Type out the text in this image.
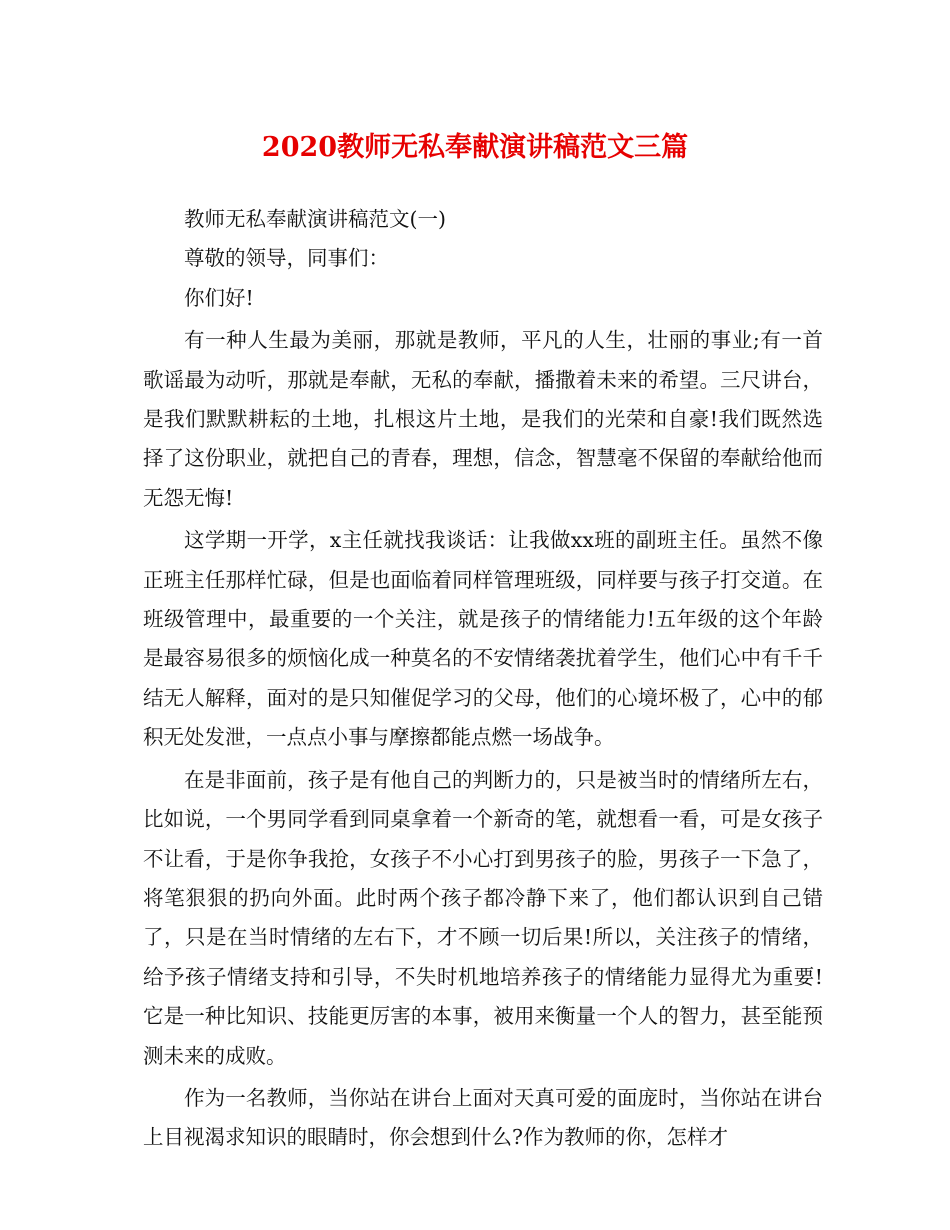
2020教师无私奉献演讲稿范文三篇

教师无私奉献演讲稿范文(一)

尊敬的领导，同事们：

你们好!

有一种人生最为美丽，那就是教师，平凡的人生，壮丽的事业;有一首歌谣最为动听，那就是奉献，无私的奉献，播撒着未来的希望。三尺讲台，是我们默默耕耘的土地，扎根这片土地，是我们的光荣和自豪!我们既然选择了这份职业，就把自己的青春，理想，信念，智慧毫不保留的奉献给他而无怨无悔!

这学期一开学，x主任就找我谈话：让我做xx班的副班主任。虽然不像正班主任那样忙碌，但是也面临着同样管理班级，同样要与孩子打交道。在班级管理中，最重要的一个关注，就是孩子的情绪能力!五年级的这个年龄是最容易很多的烦恼化成一种莫名的不安情绪袭扰着学生，他们心中有千千结无人解释，面对的是只知催促学习的父母，他们的心境坏极了，心中的郁积无处发泄，一点点小事与摩擦都能点燃一场战争。

在是非面前，孩子是有他自己的判断力的，只是被当时的情绪所左右，比如说，一个男同学看到同桌拿着一个新奇的笔，就想看一看，可是女孩子不让看，于是你争我抢，女孩子不小心打到男孩子的脸，男孩子一下急了，将笔狠狠的扔向外面。此时两个孩子都冷静下来了，他们都认识到自己错了，只是在当时情绪的左右下，才不顾一切后果!所以，关注孩子的情绪，给予孩子情绪支持和引导，不失时机地培养孩子的情绪能力显得尤为重要!它是一种比知识、技能更厉害的本事，被用来衡量一个人的智力，甚至能预测未来的成败。

作为一名教师，当你站在讲台上面对天真可爱的面庞时，当你站在讲台上目视渴求知识的眼睛时，你会想到什么?作为教师的你，怎样才
